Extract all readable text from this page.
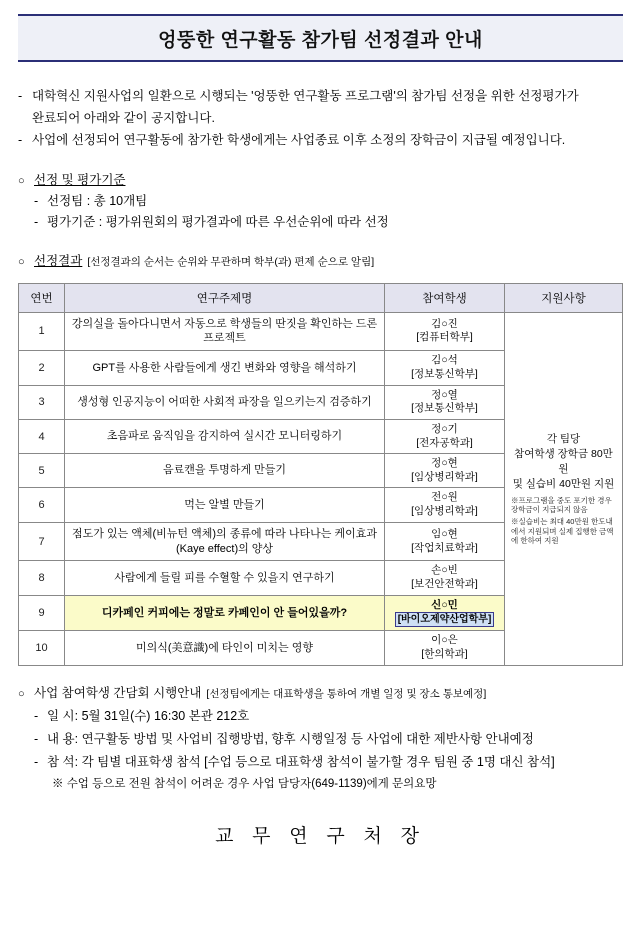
엉뚱한 연구활동 참가팀 선정결과 안내
- 대학혁신 지원사업의 일환으로 시행되는 '엉뚱한 연구활동 프로그램'의 참가팀 선정을 위한 선정평가가
완료되어 아래와 같이 공지합니다.
- 사업에 선정되어 연구활동에 참가한 학생에게는 사업종료 이후 소정의 장학금이 지급될 예정입니다.
○ 선정 및 평가기준
- 선정팀 : 총 10개팀
- 평가기준 : 평가위원회의 평가결과에 따른 우선순위에 따라 선정
○ 선정결과 [선정결과의 순서는 순위와 무관하며 학부(과) 편제 순으로 알림]
연번	연구주제명	참여학생	지원사항
1	강의실을 돌아다니면서 자동으로 학생들의 딴짓을 확인하는 드론 프로젝트	김○진
[컴퓨터학부]	각 팀당
참여학생 장학금 80만원
및 실습비 40만원 지원
※프로그램을 중도 포기한 경우 장학금이 지급되지 않음
※실습비는 최대 40만원 한도내에서 지원되며 실제 집행한 금액에 한하여 지원

2	GPT를 사용한 사람들에게 생긴 변화와 영향을 해석하기	김○석
[정보통신학부]	

3	생성형 인공지능이 어떠한 사회적 파장을 일으키는지 검증하기	정○열
[정보통신학부]	

4	초음파로 움직임을 감지하여 실시간 모니터링하기	정○기
[전자공학과]	

5	음료캔을 투명하게 만들기	정○현
[임상병리학과]	

6	먹는 알별 만들기	전○원
[임상병리학과]	

7	점도가 있는 액체(비뉴턴 액체)의 종류에 따라 나타나는 케이효과(Kaye effect)의 양상	임○현
[작업치료학과]	

8	사람에게 들릴 피를 수혈할 수 있을지 연구하기	손○빈
[보건안전학과]	

9	디카페인 커피에는 정말로 카페인이 안 들어있을까?	신○민
[바이오제약산업학부]	
10	미의식(美意識)에 타인이 미치는 영향	이○은
[한의학과]	
○ 사업 참여학생 간담회 시행안내 [선정팀에게는 대표학생을 통하여 개별 일정 및 장소 통보예정]
- 일 시:
5월 31일(수) 16:30 본관 212호
- 내 용:
연구활동 방법 및 사업비 집행방법, 향후 시행일정 등 사업에 대한 제반사항 안내예정
- 참 석:
각 팀별 대표학생 참석 [수업 등으로 대표학생 참석이 불가할 경우 팀원 중 1명 대신 참석]
※ 수업 등으로 전원 참석이 어려운 경우 사업 담당자(649-1139)에게 문의요망
교 무 연 구 처 장
